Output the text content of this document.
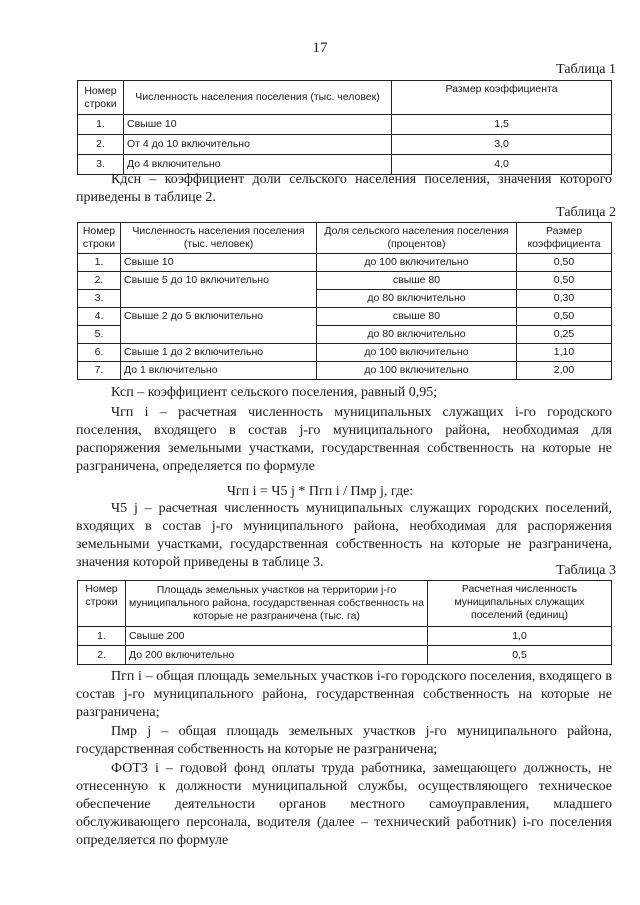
17
Таблица 1
Номер строки	Численность населения поселения (тыс. человек)	Размер коэффициента
1.	Свыше 10	1,5
2.	От 4 до 10 включительно	3,0
3.	До 4 включительно	4,0

Кдсн – коэффициент доли сельского населения поселения, значения которого приведены в таблице 2.

Таблица 2
Номер строки	Численность населения поселения (тыс. человек)	Доля сельского населения поселения (процентов)	Размер коэффициента
1.	Свыше 10	до 100 включительно	0,50
2.	Свыше 5 до 10 включительно	свыше 80	0,50
3.		до 80 включительно	0,30
4.	Свыше 2 до 5 включительно	свыше 80	0,50
5.		до 80 включительно	0,25
6.	Свыше 1 до 2 включительно	до 100 включительно	1,10
7.	До 1 включительно	до 100 включительно	2,00

Ксп – коэффициент сельского поселения, равный 0,95;

Чгп i – расчетная численность муниципальных служащих i-го городского поселения, входящего в состав j-го муниципального района, необходимая для распоряжения земельными участками, государственная собственность на которые не разграничена, определяется по формуле

Чгп i = Ч5 j * Пгп i / Пмр j, где:

Ч5 j – расчетная численность муниципальных служащих городских поселений, входящих в состав j-го муниципального района, необходимая для распоряжения земельными участками, государственная собственность на которые не разграничена, значения которой приведены в таблице 3.

Таблица 3
Номер строки	Площадь земельных участков на территории j-го муниципального района, государственная собственность на которые не разграничена (тыс. га)	Расчетная численность муниципальных служащих поселений (единиц)
1.	Свыше 200	1,0
2.	До 200 включительно	0,5

Пгп i – общая площадь земельных участков i-го городского поселения, входящего в состав j-го муниципального района, государственная собственность на которые не разграничена;

Пмр j – общая площадь земельных участков j-го муниципального района, государственная собственность на которые не разграничена;

ФОТЗ i – годовой фонд оплаты труда работника, замещающего должность, не отнесенную к должности муниципальной службы, осуществляющего техническое обеспечение деятельности органов местного самоуправления, младшего обслуживающего персонала, водителя (далее – технический работник) i-го поселения определяется по формуле
